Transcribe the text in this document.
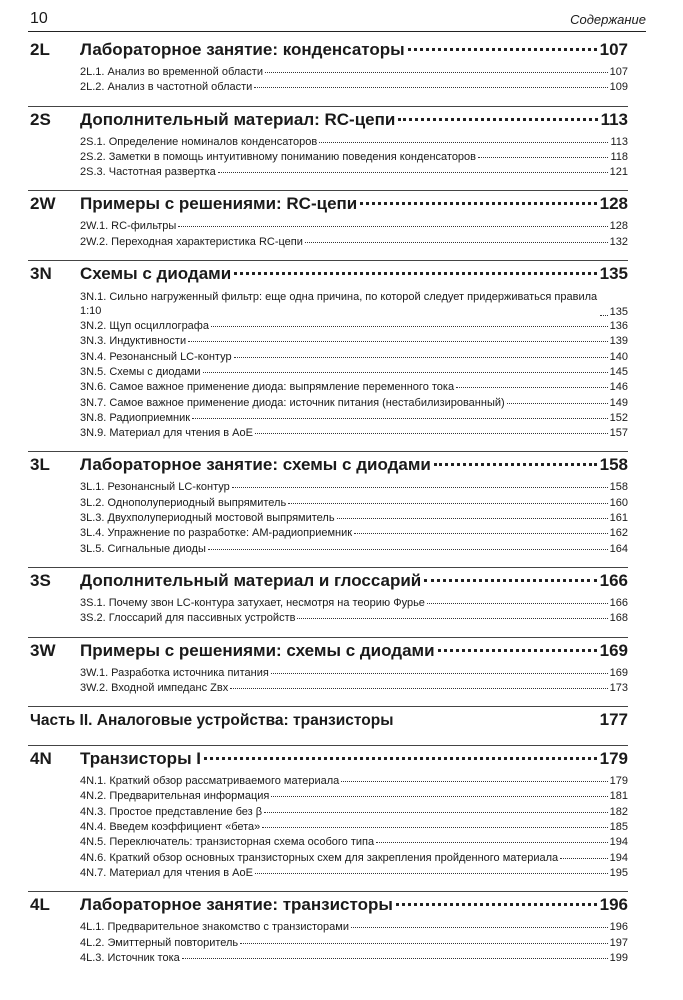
10	Содержание
2L	Лабораторное занятие: конденсаторы	107
2L.1. Анализ во временной области	107
2L.2. Анализ в частотной области	109
2S	Дополнительный материал: RC-цепи	113
2S.1. Определение номиналов конденсаторов	113
2S.2. Заметки в помощь интуитивному пониманию поведения конденсаторов	118
2S.3. Частотная развертка	121
2W	Примеры с решениями: RC-цепи	128
2W.1. RC-фильтры	128
2W.2. Переходная характеристика RC-цепи	132
3N	Схемы с диодами	135
3N.1. Сильно нагруженный фильтр: еще одна причина, по которой следует придерживаться правила 1:10	135
3N.2. Щуп осциллографа	136
3N.3. Индуктивности	139
3N.4. Резонансный LC-контур	140
3N.5. Схемы с диодами	145
3N.6. Самое важное применение диода: выпрямление переменного тока	146
3N.7. Самое важное применение диода: источник питания (нестабилизированный)	149
3N.8. Радиоприемник	152
3N.9. Материал для чтения в AoE	157
3L	Лабораторное занятие: схемы с диодами	158
3L.1. Резонансный LC-контур	158
3L.2. Однополупериодный выпрямитель	160
3L.3. Двухполупериодный мостовой выпрямитель	161
3L.4. Упражнение по разработке: АМ-радиоприемник	162
3L.5. Сигнальные диоды	164
3S	Дополнительный материал и глоссарий	166
3S.1. Почему звон LC-контура затухает, несмотря на теорию Фурье	166
3S.2. Глоссарий для пассивных устройств	168
3W	Примеры с решениями: схемы с диодами	169
3W.1. Разработка источника питания	169
3W.2. Входной импеданс Zвх	173
Часть II. Аналоговые устройства: транзисторы	177
4N	Транзисторы I	179
4N.1. Краткий обзор рассматриваемого материала	179
4N.2. Предварительная информация	181
4N.3. Простое представление без β	182
4N.4. Введем коэффициент «бета»	185
4N.5. Переключатель: транзисторная схема особого типа	194
4N.6. Краткий обзор основных транзисторных схем для закрепления пройденного материала	194
4N.7. Материал для чтения в AoE	195
4L	Лабораторное занятие: транзисторы	196
4L.1. Предварительное знакомство с транзисторами	196
4L.2. Эмиттерный повторитель	197
4L.3. Источник тока	199
